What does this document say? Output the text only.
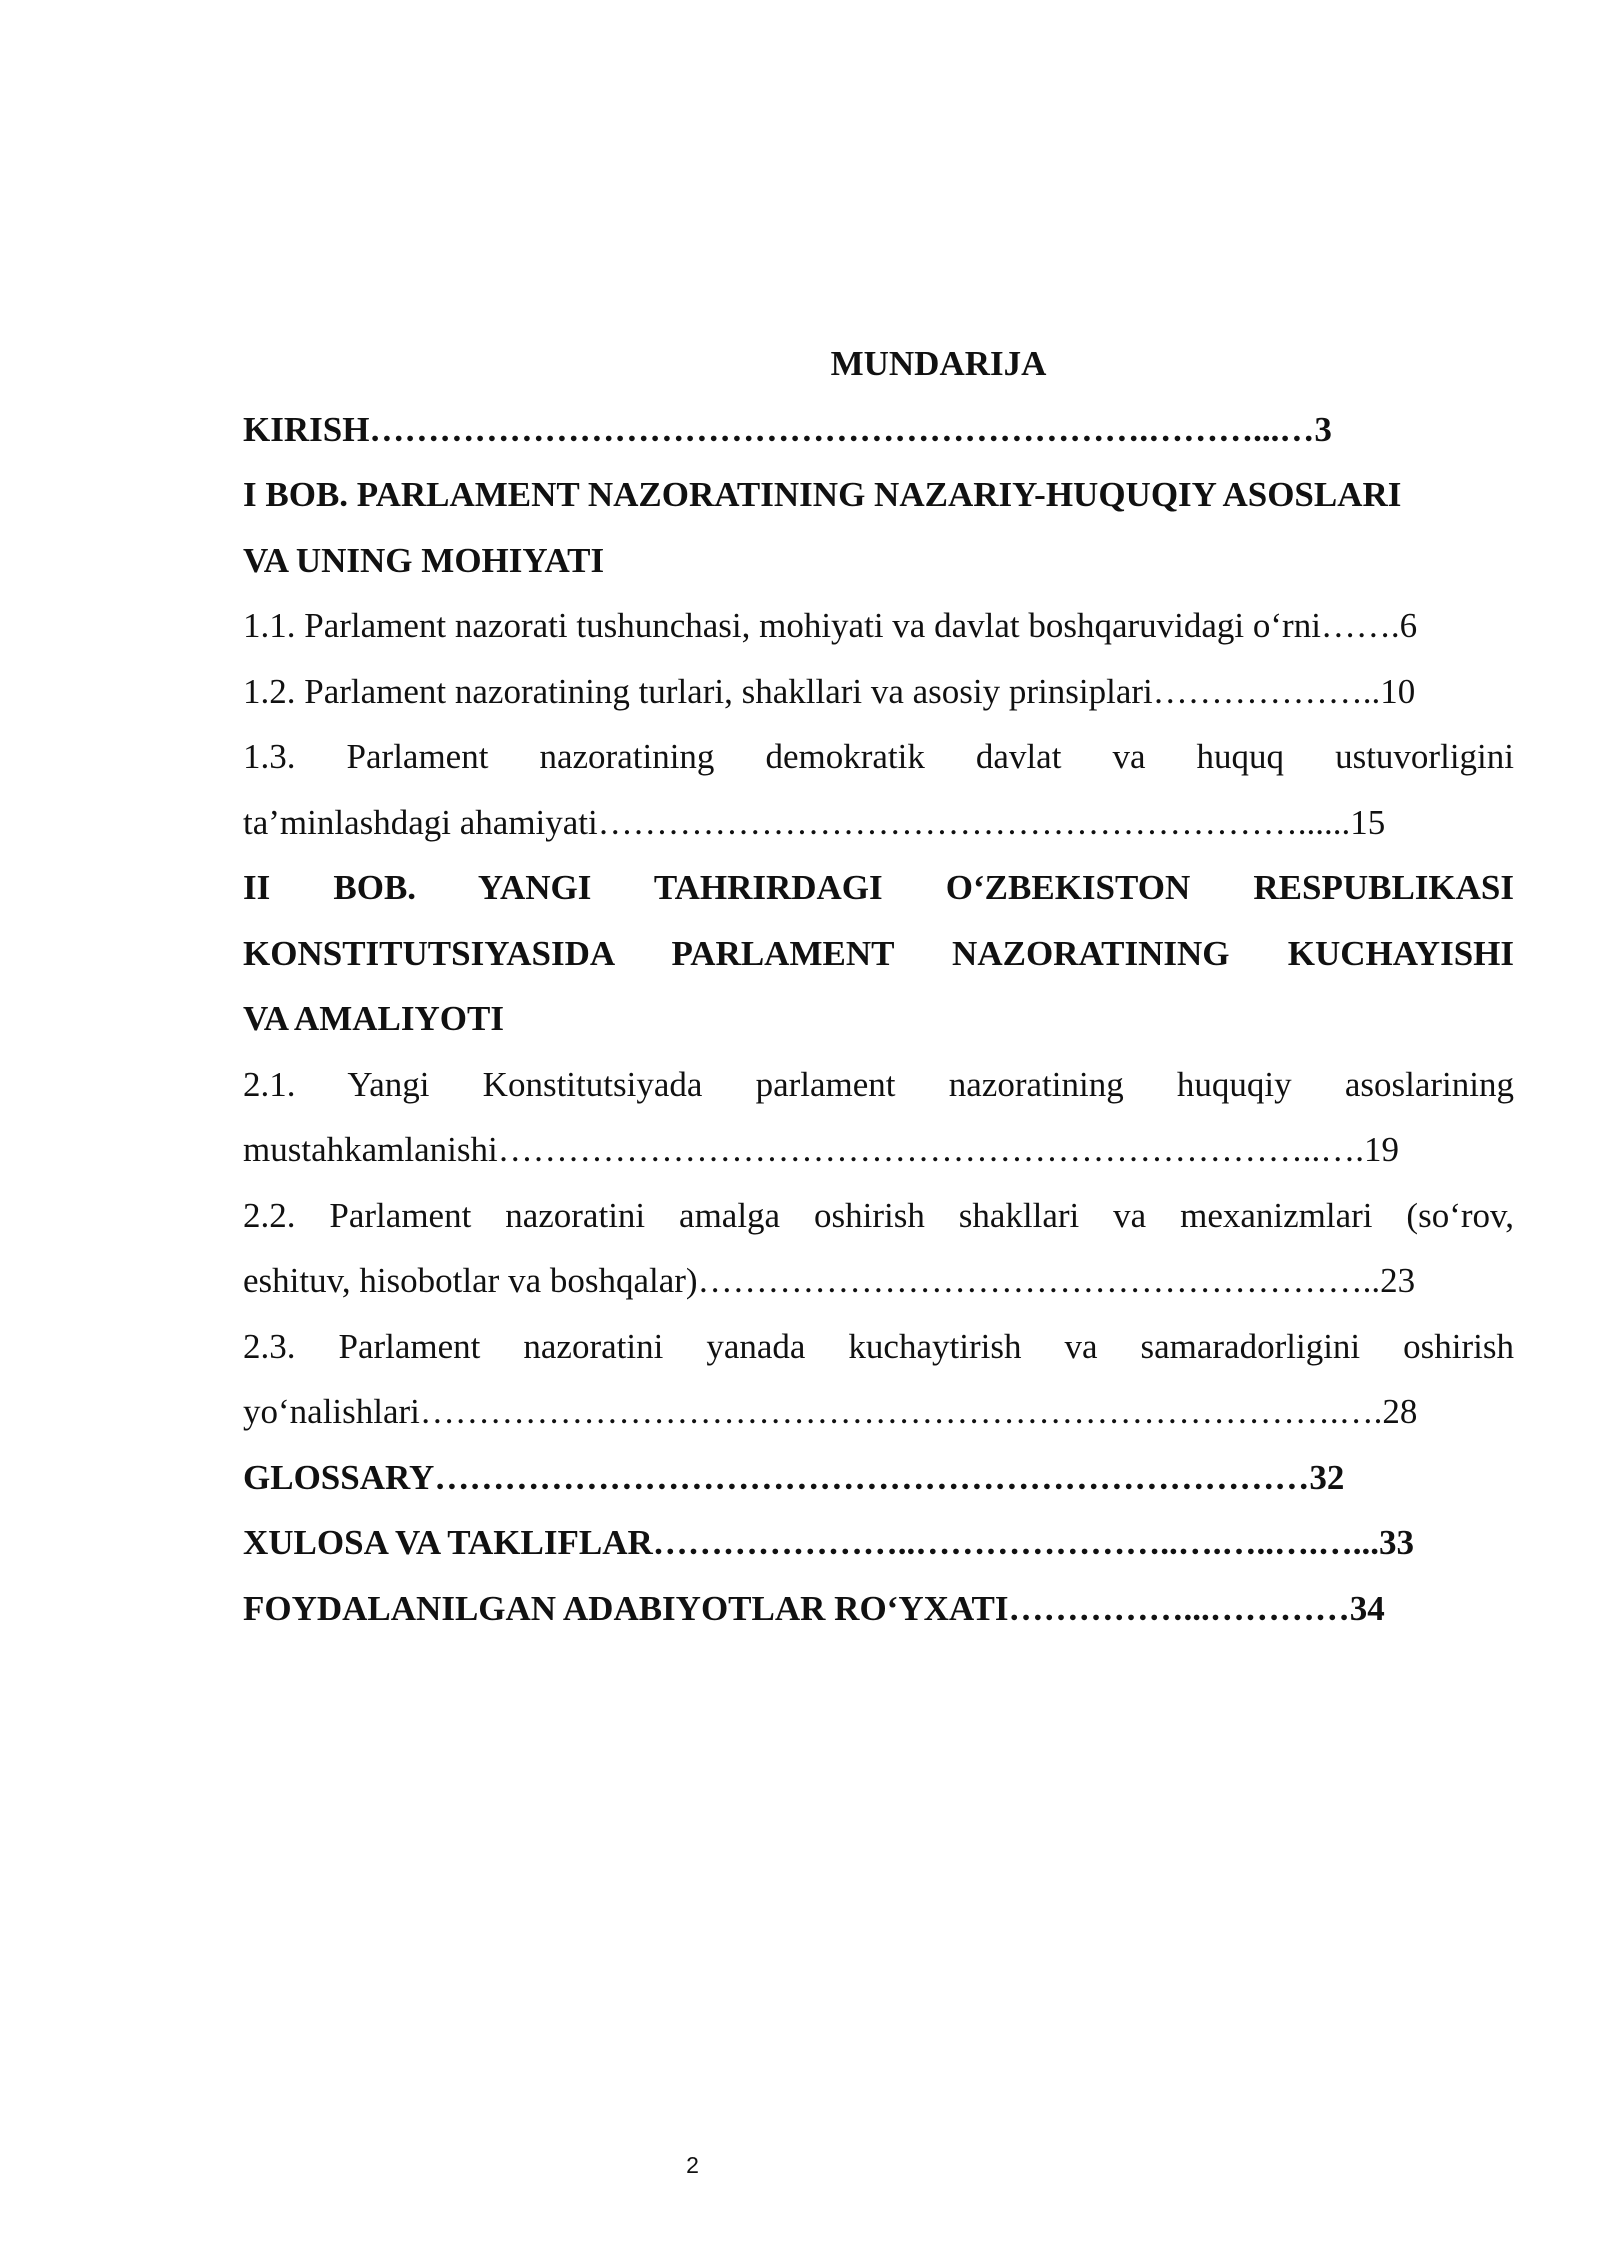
MUNDARIJA
KIRISH………………………………………………………….………...…3
I BOB. PARLAMENT NAZORATINING NAZARIY-HUQUQIY ASOSLARI
VA UNING MOHIYATI
1.1. Parlament nazorati tushunchasi, mohiyati va davlat boshqaruvidagi o‘rni…….6
1.2. Parlament nazoratining turlari, shakllari va asosiy prinsiplari………………..10
1.3. Parlament nazoratining demokratik davlat va huquq ustuvorligini
ta’minlashdagi ahamiyati……………………………………………………......15
II BOB. YANGI TAHRIRDAGI O‘ZBEKISTON RESPUBLIKASI
KONSTITUTSIYASIDA PARLAMENT NAZORATINING KUCHAYISHI
VA AMALIYOTI
2.1. Yangi Konstitutsiyada parlament nazoratining huquqiy asoslarining
mustahkamlanishi……………………………………………………………..….19
2.2. Parlament nazoratini amalga oshirish shakllari va mexanizmlari (so‘rov,
eshituv, hisobotlar va boshqalar)…………………………………………………..23
2.3. Parlament nazoratini yanada kuchaytirish va samaradorligini oshirish
yo‘nalishlari…………………………………………………………………….….28
GLOSSARY…………………………………………………………………32
XULOSA VA TAKLIFLAR…………………..…………………..….…..….…...33
FOYDALANILGAN ADABIYOTLAR RO‘YXATI……………...…………34
2
